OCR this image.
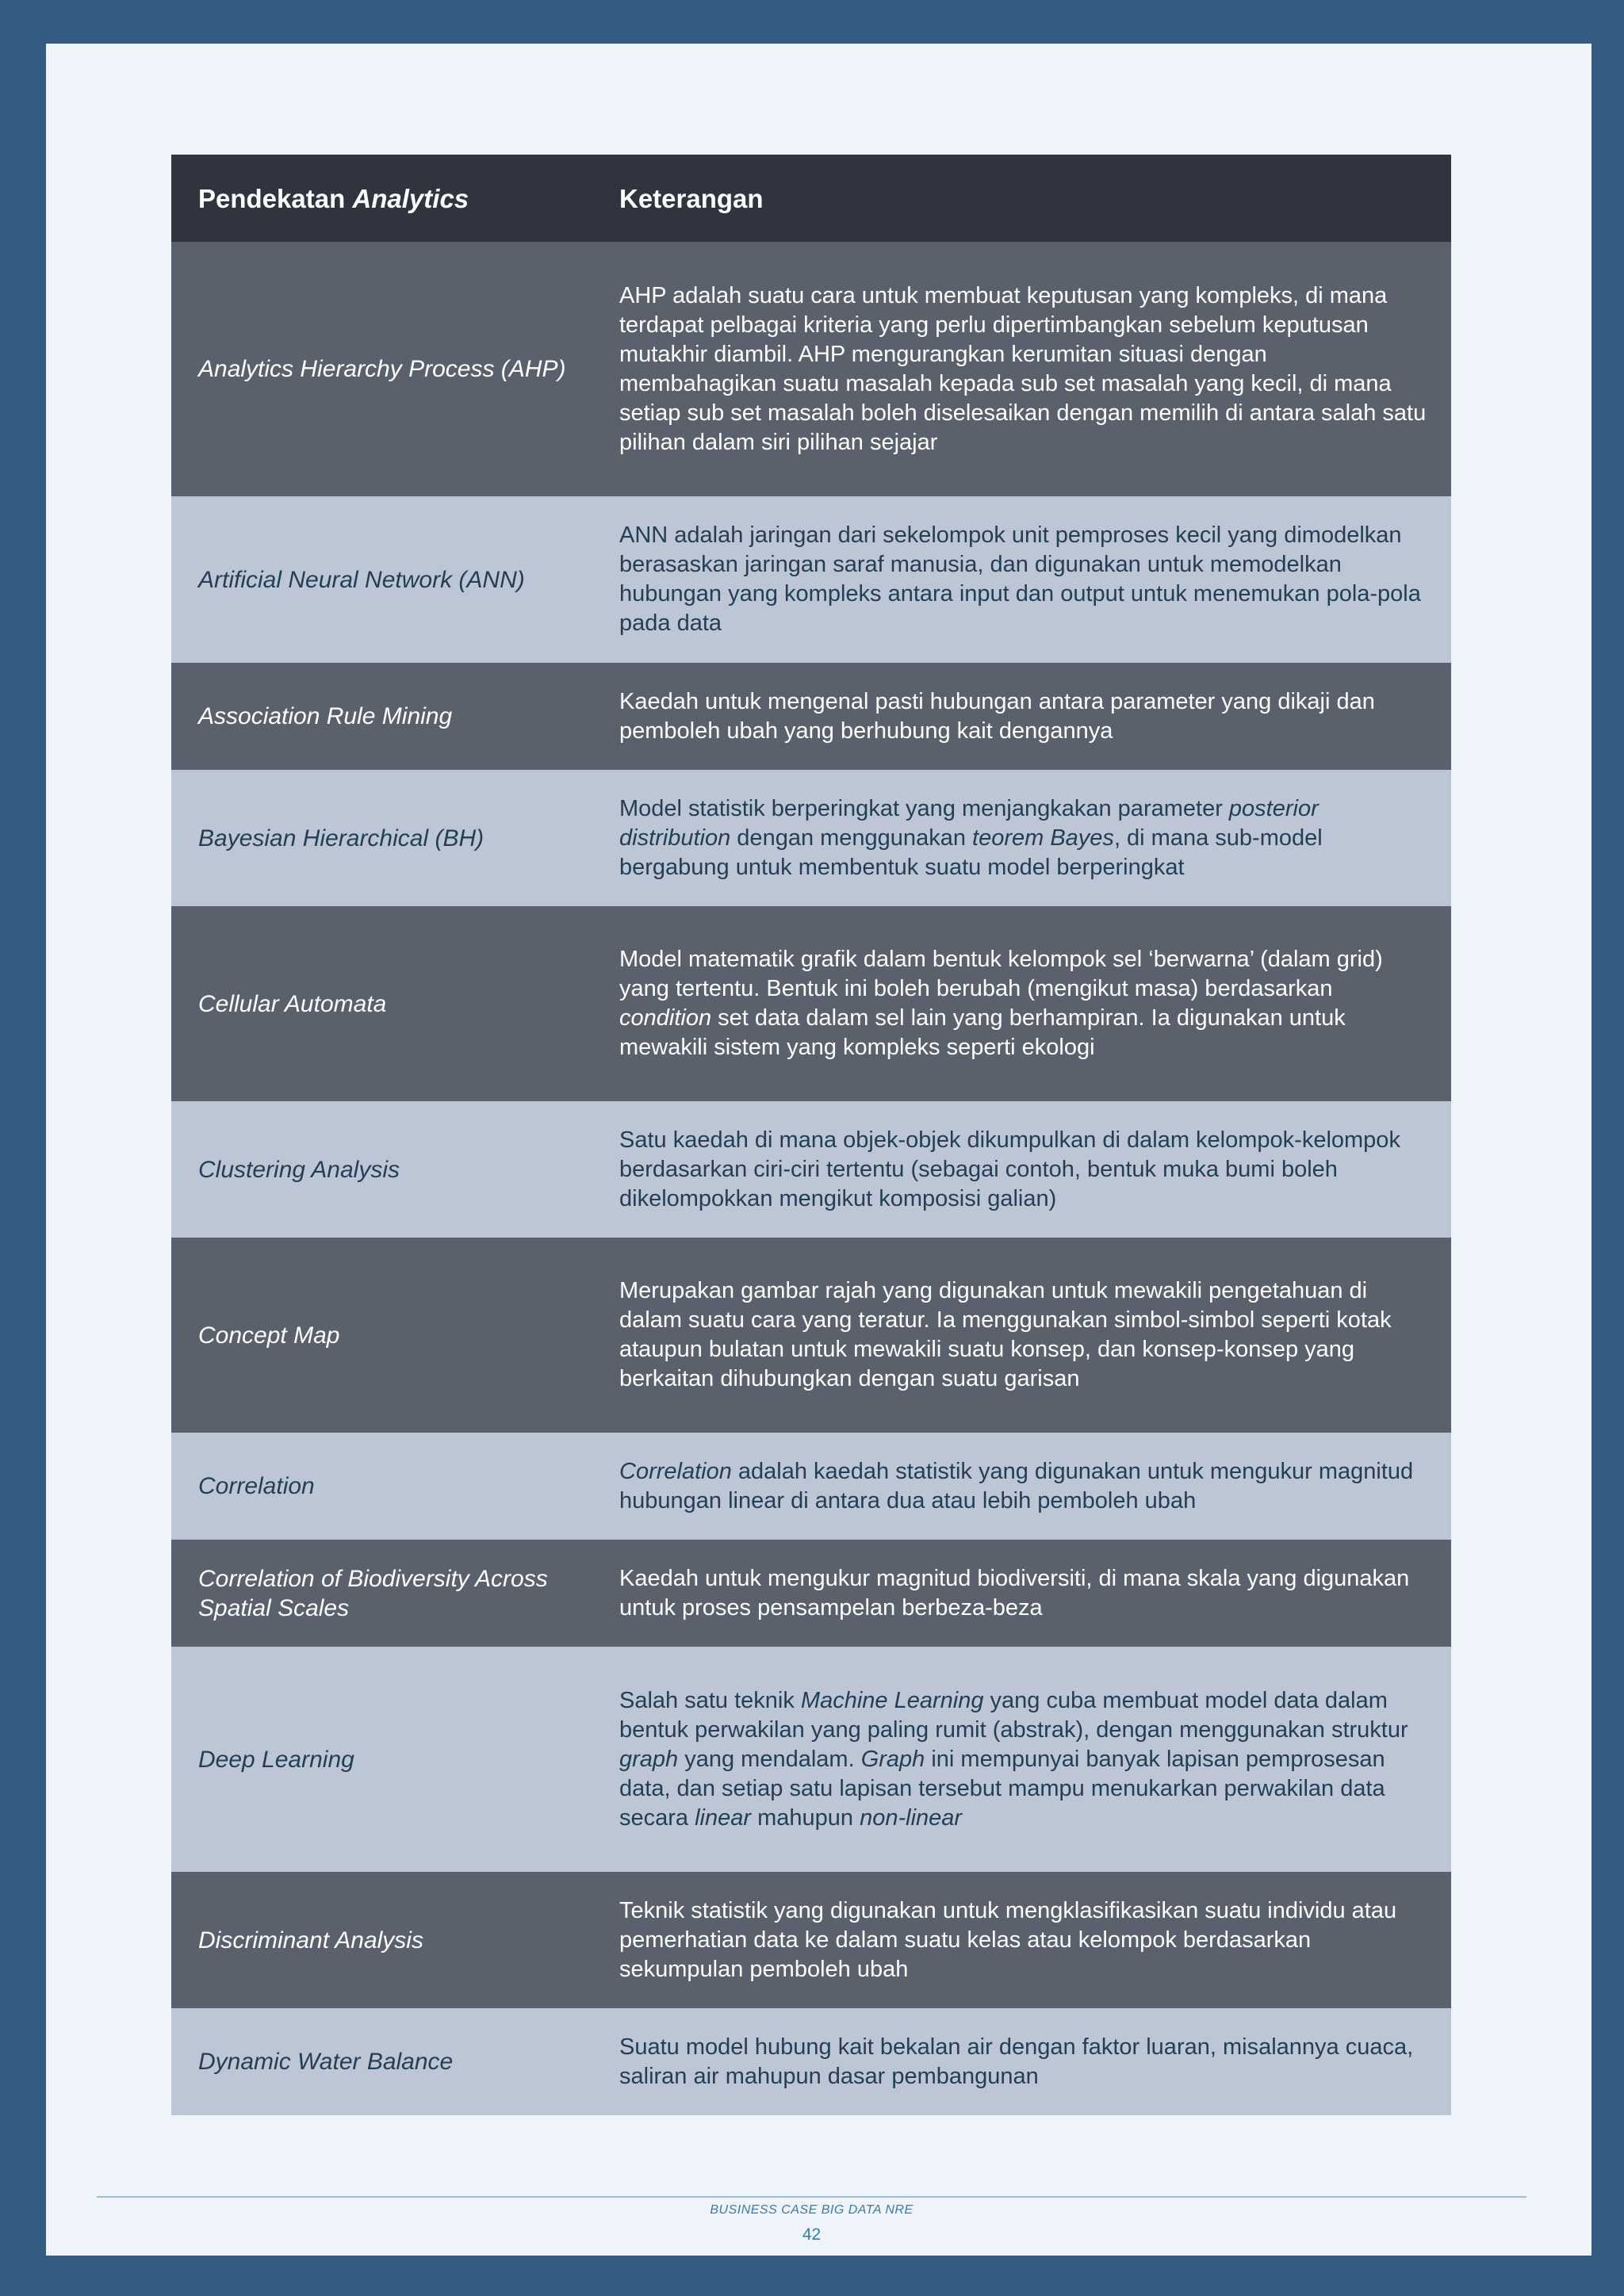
Pendekatan Analytics	Keterangan
Analytics Hierarchy Process (AHP)
AHP adalah suatu cara untuk membuat keputusan yang kompleks, di mana terdapat pelbagai kriteria yang perlu dipertimbangkan sebelum keputusan mutakhir diambil. AHP mengurangkan kerumitan situasi dengan membahagikan suatu masalah kepada sub set masalah yang kecil, di mana setiap sub set masalah boleh diselesaikan dengan memilih di antara salah satu pilihan dalam siri pilihan sejajar
Artificial Neural Network (ANN)
ANN adalah jaringan dari sekelompok unit pemproses kecil yang dimodelkan berasaskan jaringan saraf manusia, dan digunakan untuk memodelkan hubungan yang kompleks antara input dan output untuk menemukan pola-pola pada data
Association Rule Mining
Kaedah untuk mengenal pasti hubungan antara parameter yang dikaji dan pemboleh ubah yang berhubung kait dengannya
Bayesian Hierarchical (BH)
Model statistik berperingkat yang menjangkakan parameter posterior distribution dengan menggunakan teorem Bayes, di mana sub-model bergabung untuk membentuk suatu model berperingkat
Cellular Automata
Model matematik grafik dalam bentuk kelompok sel ‘berwarna’ (dalam grid) yang tertentu. Bentuk ini boleh berubah (mengikut masa) berdasarkan condition set data dalam sel lain yang berhampiran. Ia digunakan untuk mewakili sistem yang kompleks seperti ekologi
Clustering Analysis
Satu kaedah di mana objek-objek dikumpulkan di dalam kelompok-kelompok berdasarkan ciri-ciri tertentu (sebagai contoh, bentuk muka bumi boleh dikelompokkan mengikut komposisi galian)
Concept Map
Merupakan gambar rajah yang digunakan untuk mewakili pengetahuan di dalam suatu cara yang teratur. Ia menggunakan simbol-simbol seperti kotak ataupun bulatan untuk mewakili suatu konsep, dan konsep-konsep yang berkaitan dihubungkan dengan suatu garisan
Correlation
Correlation adalah kaedah statistik yang digunakan untuk mengukur magnitud hubungan linear di antara dua atau lebih pemboleh ubah
Correlation of Biodiversity Across Spatial Scales
Kaedah untuk mengukur magnitud biodiversiti, di mana skala yang digunakan untuk proses pensampelan berbeza-beza
Deep Learning
Salah satu teknik Machine Learning yang cuba membuat model data dalam bentuk perwakilan yang paling rumit (abstrak), dengan menggunakan struktur graph yang mendalam. Graph ini mempunyai banyak lapisan pemprosesan data, dan setiap satu lapisan tersebut mampu menukarkan perwakilan data secara linear mahupun non-linear
Discriminant Analysis
Teknik statistik yang digunakan untuk mengklasifikasikan suatu individu atau pemerhatian data ke dalam suatu kelas atau kelompok berdasarkan sekumpulan pemboleh ubah
Dynamic Water Balance
Suatu model hubung kait bekalan air dengan faktor luaran, misalannya cuaca, saliran air mahupun dasar pembangunan
BUSINESS CASE BIG DATA NRE
42
